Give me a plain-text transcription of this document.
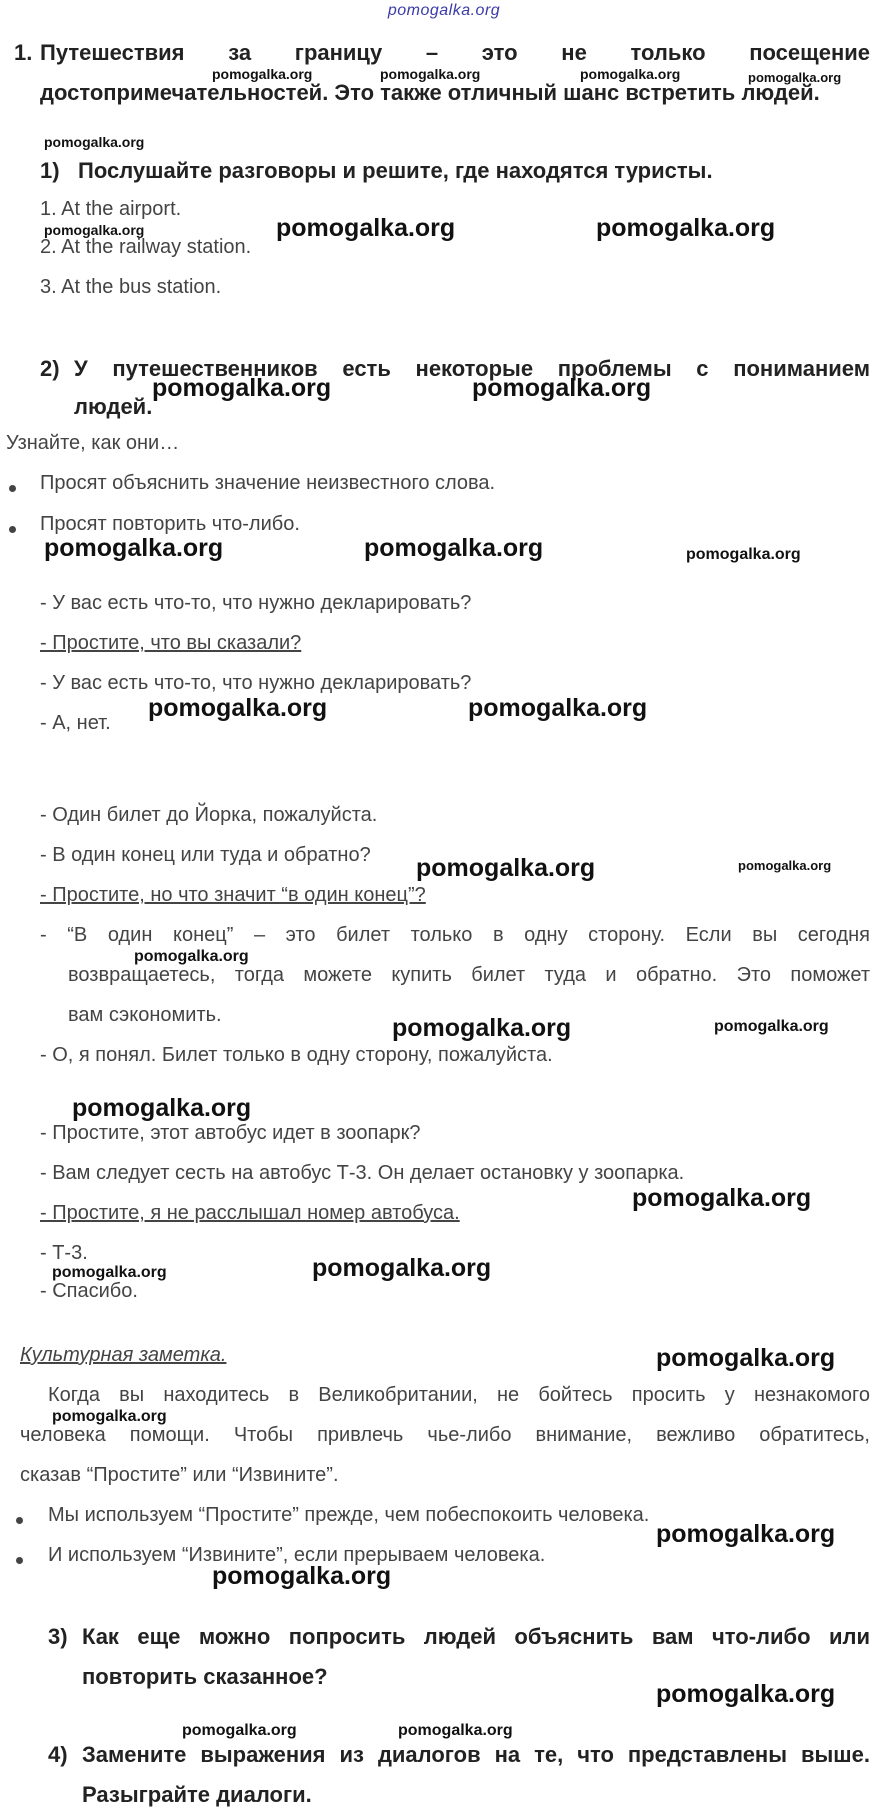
pomogalka.org
1. Путешествия за границу – это не только посещение
достопримечательностей. Это также отличный шанс встретить людей.
1) Послушайте разговоры и решите, где находятся туристы.
1. At the airport.
2. At the railway station.
3. At the bus station.
2) У путешественников есть некоторые проблемы с пониманием
людей.
Узнайте, как они…
Просят объяснить значение неизвестного слова.
Просят повторить что-либо.
- У вас есть что-то, что нужно декларировать?
- Простите, что вы сказали?
- У вас есть что-то, что нужно декларировать?
- А, нет.
- Один билет до Йорка, пожалуйста.
- В один конец или туда и обратно?
- Простите, но что значит “в один конец”?
- “В один конец” – это билет только в одну сторону. Если вы сегодня
возвращаетесь, тогда можете купить билет туда и обратно. Это поможет
вам сэкономить.
- О, я понял. Билет только в одну сторону, пожалуйста.
- Простите, этот автобус идет в зоопарк?
- Вам следует сесть на автобус Т-3. Он делает остановку у зоопарка.
- Простите, я не расслышал номер автобуса.
- Т-3.
- Спасибо.
Культурная заметка.
Когда вы находитесь в Великобритании, не бойтесь просить у незнакомого
человека помощи. Чтобы привлечь чье-либо внимание, вежливо обратитесь,
сказав “Простите” или “Извините”.
Мы используем “Простите” прежде, чем побеспокоить человека.
И используем “Извините”, если прерываем человека.
3) Как еще можно попросить людей объяснить вам что-либо или
повторить сказанное?
4) Замените выражения из диалогов на те, что представлены выше.
Разыграйте диалоги.
pomogalka.org	pomogalka.org	pomogalka.org	pomogalka.org
pomogalka.org
pomogalka.org
pomogalka.org
pomogalka.org
pomogalka.org
pomogalka.org
pomogalka.org
pomogalka.org
pomogalka.org	pomogalka.org
pomogalka.org	pomogalka.org
pomogalka.org	pomogalka.org
pomogalka.org	pomogalka.org
pomogalka.org	pomogalka.org
pomogalka.org
pomogalka.org
pomogalka.org
pomogalka.org
pomogalka.org
pomogalka.org
pomogalka.org
pomogalka.org
pomogalka.org
